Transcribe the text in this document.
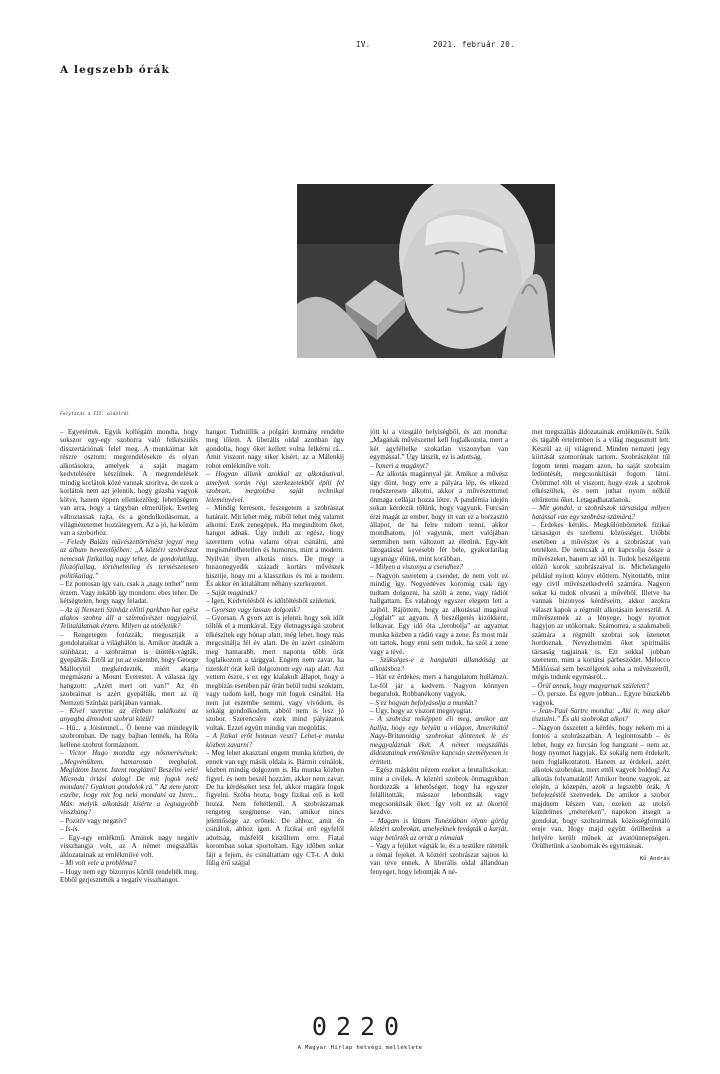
IV.	2021. február 20.
A legszebb órák
Folytatás a III. oldalról

– Egyetértek. Egyik kollégám mondta, hogy sokszor egy-egy szoborra való felkészülés disszertációnak felel meg. A munkáimat két részre osztom: megrendelésekre és olyan alkotásokra, amelyek a saját magam kedvtelésére készülnek. A megrendelések mindig korlátok közé vannak szorítva, de ezek a korlátok nem azt jelentik, hogy gúzsba vagyok kötve, hanem éppen ellenkezőleg: lehetőségem van arra, hogy a tárgyban elmerüljek. Esetleg változtassak rajta, és a gondolkodásomat, a világnézetemet hozzátegyem. Az a jó, ha közöm van a szoborhoz.

– Feledy Balázs művészettörténész jegyzi meg az album bevezetőjében: „A köztéri szobrászat nemcsak fizikailag nagy teher, de gondolatilag, filozófiailag, történelmileg és természetesen politikailag.”

– Ez pontosan így van, csak a „nagy terhet” nem érzem. Vagy inkább így mondom: ebes teher. De kétségtelen, hogy nagy feladat.

– Az új Nemzeti Színház előtti parkban hat egész alakos szobra áll a színművészet nagyjairól. Telitalálatnak érzem. Milyen az utóéletük?

– Rengetegen fotózzák, megosztják a gondolataikat a világhálón is. Amikor átadták a színházat, a szobraimat is ütötték-vágták, gyepálták. Erről az jut az eszembe, hogy George Mallorytól megkérdezték, miért akarja megmászni a Mount Everestet. A válasza így hangzott: „Azért mert ott van!” Az én szobraimat is azért gyepálták, mert az új Nemzeti Színház parkjában vannak.

– Kivel szeretne az életben találkozni az anyagba álmodott szobrai közül?

– Hú... a Jóistennel... Ő benne van mindegyik szobromban. De nagy bajban lennék, ha Róla kellene szobrot formáznom.

– Victor Hugo mondta egy nősmerésének: „Megvénültem, hamarosan meghalok. Meglátom Istent. Istent meglátni! Beszélni vele! Micsoda óriási dolog! De mit fogok neki mondani? Gyakran gondolok rá.” Az nem jutott eszébe, hogy mit fog neki mondani az Isten... Más: melyik alkotását kísérte a legnagyobb visszhang?

– Pozitív vagy negatív?

– Is-is.

– Egy-egy emlékmű. Aminek nagy negatív visszhangja volt, az A német megszállás áldozatainak az emlékműve volt.

– Mi volt vele a probléma?

– Hogy nem egy bizonyos körtől rendelték meg. Ebből gerjesztették a negatív visszhangot.

hangot. Tudniillik a polgári kormány rendelte meg tőlem. A liberális oldal azonban úgy gondolta, hogy őket kellett volna felkérni rá... Amit viszont nagy siker kísért, az a Málenkij robot emlékműve volt.

– Hogyan állunk azokkal az alkotásaival, amelyek során régi szerkezetekből építi fel szobrait, megtoldva saját technikai leleményével.

– Mindig keresem, feszegetem a szobrászat határait. Mit lehet még, miből lehet még valamit alkotni. Ezek zenegépek. Ha megindítom őket, hangot adnak. Úgy indult az egész, hogy szerettem volna valami olyat csinálni, ami megismételhetetlen és humoros, mint a modern. Nyilván ilyen alkotás nincs. De megy a huszonegyedik századi kortárs művészek hisztije, hogy mi a klasszikus és mi a modern. És akkor én kitaláltam néhány szerkezetet.

– Saját magának?

– Igen. Kedvtelésből és időtöltésből születtek.

– Gyorsan vagy lassan dolgozik?

– Gyorsan. A gyors azt is jelenti, hogy sok időt töltök el a munkával. Egy életnagyságú szobrot elkészítek egy hónap alatt, még lehet, hogy más megcsinálja fél év alatt. De én azért csinálom meg hamarabb, mert naponta több órát foglalkozom a tárggyal. Engem nem zavar, ha tizenkét órát kell dolgoznom egy nap alatt. Azt vettem észre, s ez egy kialakult állapot, hogy a megbízás esetében pár órán belül tudni szoktam, vagy tudom kell, hogy mit fogok csinálni. Ha nem jut eszembe semmi, vagy vívódom, és sokáig gondolkodom, abból nem is lesz jó szobor. Szerencsére ezek mind pályázatok voltak. Ezzel együtt mindig van megoldás.

– A fizikai erőt honnan veszi? Lehet-e munka közben zavarni?

– Meg lehet akasztani engem munka közben, de ennek van egy másik oldala is. Bármit csinálok, közben mindig dolgozom is. Ha munka közben figyel, és nem beszél hozzám, akkor nem zavar. De ha kérdéseket tesz fel, akkor magára fogok figyelni. Szóba hozta, hogy fizikai erő is kell hozzá. Nem feltétlenül. A szobrászatnak rengeteg szegmense van, amikor nincs jelentősége az erőnek. De ahhoz, amit én csinálok, ahhoz igen. A fizikai erő egyfelől adottság, másfelől kiszűltem erre. Fiatal koromban sokat sportoltam. Egy időben sokat fájt a fejem, és csináltattam egy CT-t. A doki fülig érő szájjal

jött ki a vizsgáló helyiségből, és azt mondta: „Magának művészettel kell foglalkoznia, mert a két agyféltelke szokatlan viszonyban van egymással.” Úgy látszik, ez is adottság.

– Ismeri a magányt?

– Az alkotás magánnyal jár. Amikor a művész úgy dönt, hogy erre a pályára lép, és elkezd rendszeresen alkotni, akkor a művészemmel önmaga cellájat hozza létre. A pandémia idején sokan kérdezik tőlünk, hogy vagyunk. Furcsán érzi magát az ember, hogy itt van ez a borzasztó állapot, de ha felre tudom tenni, akkor mondhatom, jól vagyunk, mert valójában semmiben nem változott az életünk. Egy-két látogatással kevesebb fér bele, gyakorlatilag ugyanúgy élünk, mint korábban.

– Milyen a viszonya a csendhez?

– Nagyon szeretem a csendet, de nem volt ez mindig így. Negyedéves koromig csak úgy tudtam dolgozni, ha szólt a zene, vagy rádiót hallgattam. És valahogy egyszer elegem lett a zajból. Rájöttem, hogy az alkotással magával „foglalt” az agyam. A beszélgetés kizökkent, felkavar. Egy idő óta „lerobolja” az agyamat munka közben a rádió vagy a zene. És most már ott tartok, hogy enni sem tudok, ha szól a zene vagy a tévé.

– Szükséges-e a hangulati állandóság az alkotáshoz?

– Hát ez érdekes, mert a hangulatom hullámzó. Le-föl jár a kedvem. Nagyon könnyen begurulok. Robbanékony vagyok.

– S ez hogyan befolyásolja a munkát?

– Úgy, hogy az viszont megnyugtat.

– A szobrász miképpen éli meg, amikor azt hallja, hogy egy helyütt a világon, Amerikától Nagy-Britanniáig szobrokat döntenek le és meggyaláznak ékét. A német megszállás áldozatainak emlékműve kapcsán személyesen is érintett.

– Egész másként nézem ezeket a brutalitásokat, mint a civilek. A köztéri szobrok önmagukban hordozzák a lehetőséget, hogy ha egyszer felállították, másszor lebonthsák vagy megcsonkítsák őket. Így volt ez az ókortól kezdve.

– Magam is láttam Tunéziában olyan görög köztéri szobrokat, amelyeknek levágták a karját, vagy betörték az orrát a rómaiak

– Vagy a fejüket vágták le, és a testükre rátették a római fejeket. A köztéri szobrászat sajnos ki van téve ennek. A liberális oldal állandóan fenyeget, hogy lebontják A né-

met megszállás áldozatainak emlékművét. Szűk és tágabb értelemben is a világ megosztott lett. Készül az új világrend. Minden nemzeti jegy kiirtását szomorúnak tartom. Szobrászként túl fogom tenni magam azon, ha saját szobraim ledöntését, megcsonkítását fogom látni. Örömmel tölt el viszont, hogy ezek a szobrok elkészültek, és nem juthat nyom nélkül eltüntetni őket. Letagadhatatlanok.

– Mit gondol, a szobrászok társasága milyen hatással van egy szobrász számára?

– Érdekes kérdés. Megkülönböztetek fizikai társaságot és szellemi közösséget. Utóbbi esetében a művészet és a szobrászat van tetrtéken. De nemcsak a tér kapcsolja össze a művészeket, hanem az idő is. Tudok beszélgetni előző korok szobrászaival is. Michelangelo például nyitott könyv előttem. Nyitottabb, mint egy civil művészetkedvelő számára. Nagyon sokat ki tudok olvasni a művéből. Illetve ha vannak bizonyos kérdéseim, akkor azokra választ kapok a régmúlt alkotásain keresztül. A művészetnek az a lényege, hogy nyomot hagyjon az utókornak. Számomra, a szakmabeli számára a régmúlt szobrai sok üzenetet hordoznak. Nevezhetném őket spirituális társaság tagjainak is. Ezt sokkal jobban szeretem, mint a kortársi párbeszédet. Melocco Miklóssal sem beszélgetek soha a művészetről, mégis tudunk egymásról...

– Örül annak, hogy magyarnak született?

– Ó, persze. És egyre jobban... Egyre büszkébb vagyok.

– Jean-Paul Sartre mondta: „Aki ír, meg akar tisztulni.” És aki szobrokat alkot?

– Nagyon összetett a kérdés, hogy nekem mi a fontos a szobrászatban. A leglontosabb – és lehet, hogy ez furcsán fog hangzani – nem az, hogy nyomot hagyjak. Ez sokálg nem érdekelt, nem foglalkoztatott. Hanem az érdekel, azért alkotok szobrokat, mert ettől vagyok boldog! Az alkotás folyamatától! Amikor benne vagyok, az elején, a közepén, azok a legszebb órák. A befejezéstől szenvedek. De amikor a szobor majdnem készen van, ezeken az utolsó küzdelmes „métereken”, napokon átsegít a gondolat, hogy szobraimnak közösségformáló ereje van. Hogy majd együtt örülhetünk a helyére került műnek az avatóünnepségen. Örülhetünk a szobornak és egymásnak.

Kő András

0220
A Magyar Hírlap hétvégi melléklete
